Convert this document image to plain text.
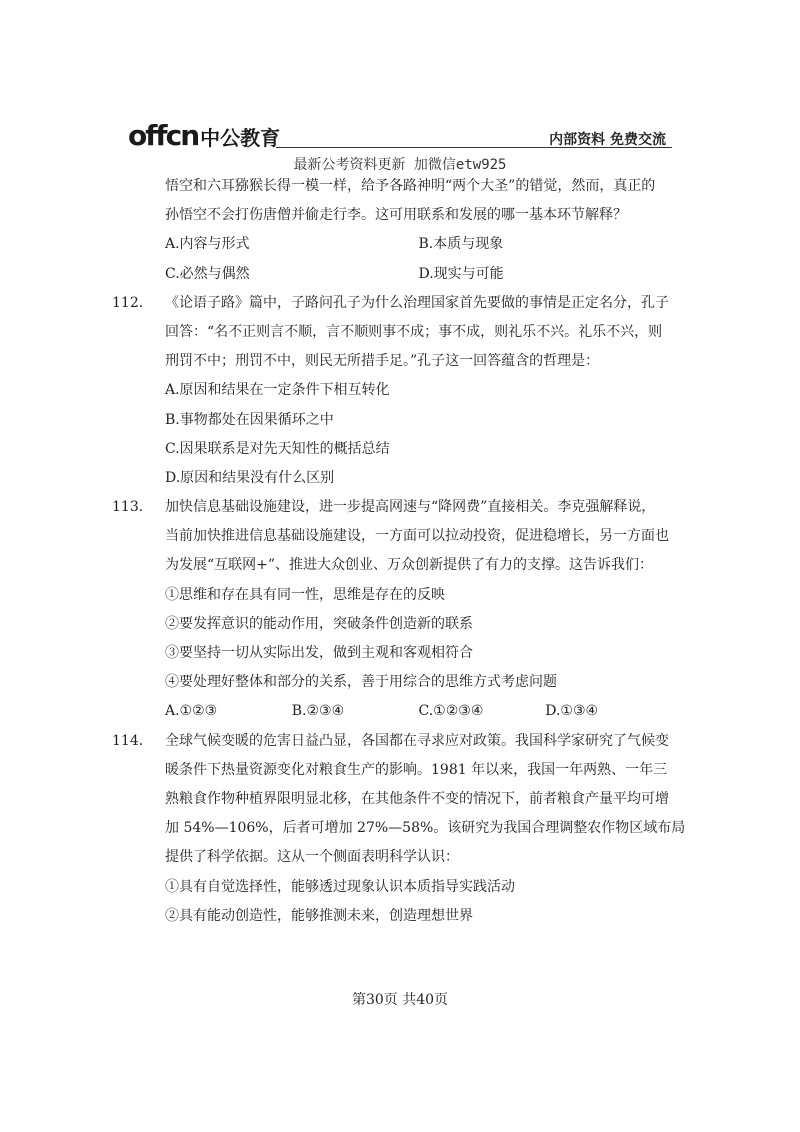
offcn 中公教育	内部资料 免费交流
最新公考资料更新 加微信etw925
悟空和六耳猕猴长得一模一样，给予各路神明“两个大圣”的错觉，然而，真正的
孙悟空不会打伤唐僧并偷走行李。这可用联系和发展的哪一基本环节解释？
A.内容与形式	B.本质与现象
C.必然与偶然	D.现实与可能
112． 《论语子路》篇中，子路问孔子为什么治理国家首先要做的事情是正定名分，孔子
回答：“名不正则言不顺，言不顺则事不成；事不成，则礼乐不兴。礼乐不兴，则
刑罚不中；刑罚不中，则民无所措手足。”孔子这一回答蕴含的哲理是：
A.原因和结果在一定条件下相互转化
B.事物都处在因果循环之中
C.因果联系是对先天知性的概括总结
D.原因和结果没有什么区别
113． 加快信息基础设施建设，进一步提高网速与“降网费”直接相关。李克强解释说，
当前加快推进信息基础设施建设，一方面可以拉动投资，促进稳增长，另一方面也
为发展“互联网+”、推进大众创业、万众创新提供了有力的支撑。这告诉我们：
①思维和存在具有同一性，思维是存在的反映
②要发挥意识的能动作用，突破条件创造新的联系
③要坚持一切从实际出发，做到主观和客观相符合
④要处理好整体和部分的关系，善于用综合的思维方式考虑问题
A.①②③	B.②③④	C.①②③④	D.①③④
114． 全球气候变暖的危害日益凸显，各国都在寻求应对政策。我国科学家研究了气候变
暖条件下热量资源变化对粮食生产的影响。1981 年以来，我国一年两熟、一年三
熟粮食作物种植界限明显北移，在其他条件不变的情况下，前者粮食产量平均可增
加 54%—106%，后者可增加 27%—58%。该研究为我国合理调整农作物区域布局
提供了科学依据。这从一个侧面表明科学认识：
①具有自觉选择性，能够透过现象认识本质指导实践活动
②具有能动创造性，能够推测未来，创造理想世界
第30页 共40页
